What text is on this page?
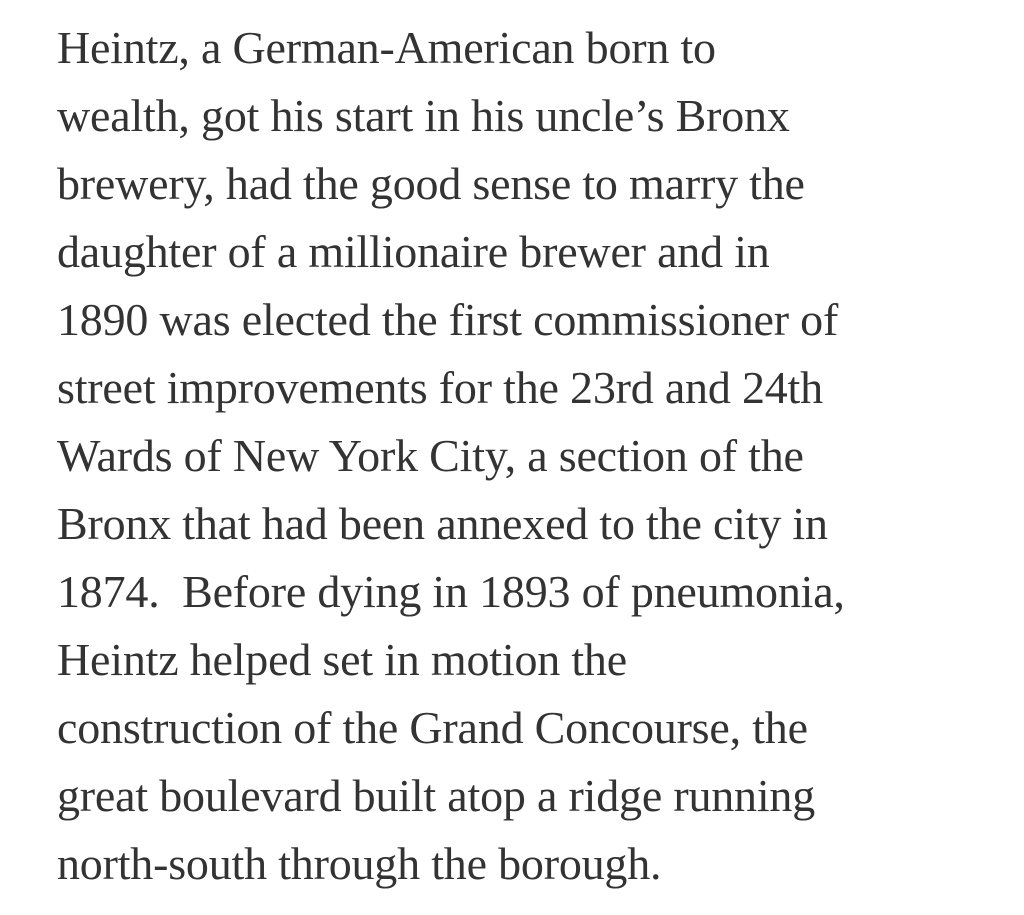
Heintz, a German-American born to
wealth, got his start in his uncle’s Bronx
brewery, had the good sense to marry the
daughter of a millionaire brewer and in
1890 was elected the first commissioner of
street improvements for the 23rd and 24th
Wards of New York City, a section of the
Bronx that had been annexed to the city in
1874.  Before dying in 1893 of pneumonia,
Heintz helped set in motion the
construction of the Grand Concourse, the
great boulevard built atop a ridge running
north-south through the borough.
